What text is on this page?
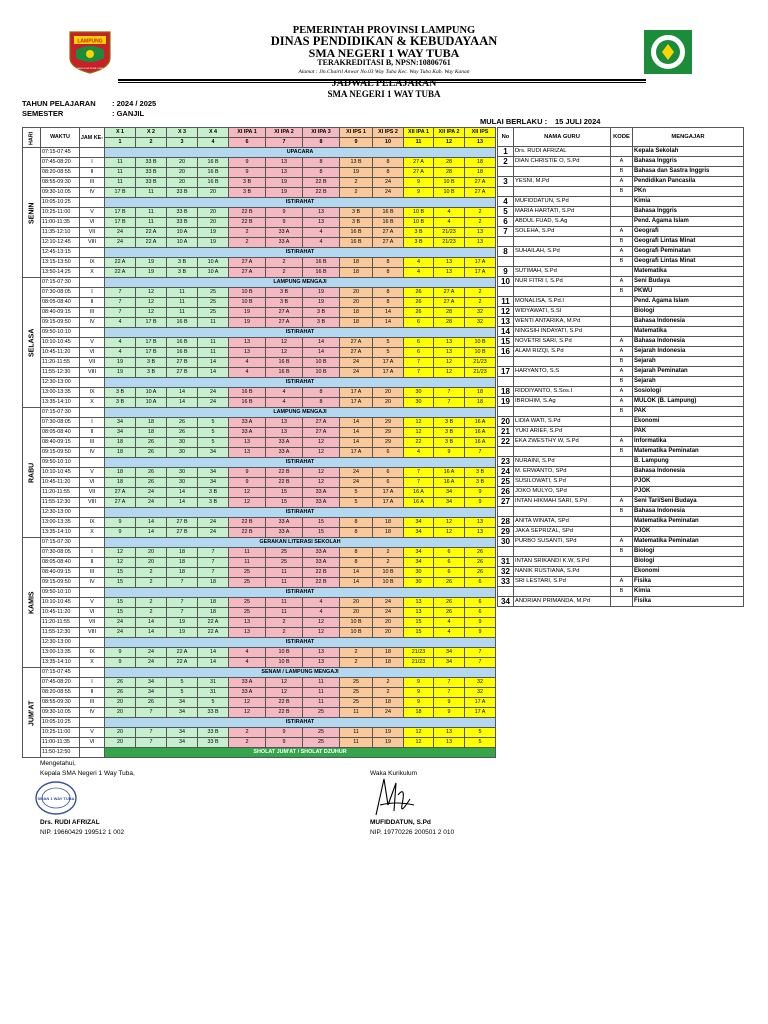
LAMPUNG
SANG BUMI RUWA JURAI
PEMERINTAH PROVINSI LAMPUNG
DINAS PENDIDIKAN & KEBUDAYAAN
SMA NEGERI 1 WAY TUBA
TERAKREDITASI B, NPSN:10806761
Alamat : Jln.Chairil Anwar No.03 Way Tuba Kec. Way Tuba Kab. Way Kanan
JADWAL PELAJARAN
SMA NEGERI 1 WAY TUBA
MULAI BERLAKU : 15 JULI 2024
TAHUN PELAJARAN : 2024 / 2025
SEMESTER	: GANJIL
HARI	WAKTU	JAM KE-	X 1	X 2	X 3	X 4	XI IPA 1	XI IPA 2	XI IPA 3	XI IPS 1	XI IPS 2	XII IPA 1	XII IPA 2	XII IPS
			1	2	3	4	6	7	8	9	10	11	12	13
SENIN	07:15-07:45		UPACARA											
	07:45-08:20	I	11	33 B	20	16 B	9	13	8	13 B	8	27 A	28	18
	08:20-08:55	II	11	33 B	20	16 B	9	13	8	19	8	27 A	28	18
	08:55-09:30	III	11	33 B	20	16 B	3 B	19	22 B	2	24	9	10 B	27 A
	09:30-10:05	IV	17 B	11	33 B	20	3 B	19	22 B	2	24	9	10 B	27 A
	10:05-10:25		ISTIRAHAT											
	10:25-11:00	V	17 B	11	33 B	20	22 B	9	13	3 B	16 B	10 B	4	2
	11:00-11:35	VI	17 B	11	33 B	20	22 B	9	13	3 B	16 B	10 B	4	2
	11:35-12:10	VII	24	22 A	10 A	19	2	33 A	4	16 B	27 A	3 B	21/23	13
	12:10-12:45	VIII	24	22 A	10 A	19	2	33 A	4	16 B	27 A	3 B	21/23	13
	12:45-13:15		ISTIRAHAT											
	13:15-13:50	IX	22 A	19	3 B	10 A	27 A	2	16 B	18	8	4	13	17 A
	13:50-14:25	X	22 A	19	3 B	10 A	27 A	2	16 B	18	8	4	13	17 A
SELASA	07:15-07:30		LAMPUNG MENGAJI											
	07:30-08:05	I	7	12	11	25	10 B	3 B	19	20	8	26	27 A	2
	08:05-08:40	II	7	12	11	25	10 B	3 B	19	20	8	26	27 A	2
	08:40-09:15	III	7	12	11	25	19	27 A	3 B	18	14	26	28	32
	09:15-09:50	IV	4	17 B	16 B	11	19	27 A	3 B	18	14	6	28	32
	09:50-10:10		ISTIRAHAT											
	10:10-10:45	V	4	17 B	16 B	11	13	12	14	27 A	5	6	13	10 B
	10:45-11:20	VI	4	17 B	16 B	11	13	12	14	27 A	5	6	13	10 B
	11:20-11:55	VII	19	3 B	27 B	14	4	16 B	10 B	24	17 A	7	12	21/23
	11:55-12:30	VIII	19	3 B	27 B	14	4	16 B	10 B	24	17 A	7	12	21/23
	12:30-13:00		ISTIRAHAT											
	13:00-13:35	IX	3 B	10 A	14	24	16 B	4	8	17 A	20	30	7	18
	13:35-14:10	X	3 B	10 A	14	24	16 B	4	8	17 A	20	30	7	18
RABU	07:15-07:30		LAMPUNG MENGAJI											
	07:30-08:05	I	34	18	26	5	33 A	13	27 A	14	29	12	3 B	16 A
	08:05-08:40	II	34	18	26	5	33 A	13	27 A	14	29	12	3 B	16 A
	08:40-09:15	III	18	26	30	5	13	33 A	12	14	29	22	3 B	16 A
	09:15-09:50	IV	18	26	30	34	13	33 A	12	17 A	6	4	9	7
	09:50-10:10		ISTIRAHAT											
	10:10-10:45	V	18	26	30	34	9	22 B	12	24	6	7	16 A	3 B
	10:45-11:20	VI	18	26	30	34	9	22 B	12	24	6	7	16 A	3 B
	11:20-11:55	VII	27 A	24	14	3 B	12	15	33 A	5	17 A	16 A	34	9
	11:55-12:30	VIII	27 A	24	14	3 B	12	15	33 A	5	17 A	16 A	34	9
	12:30-13:00		ISTIRAHAT											
	13:00-13:35	IX	9	14	27 B	24	22 B	33 A	15	8	18	34	12	13
	13:35-14:10	X	9	14	27 B	24	22 B	33 A	15	8	18	34	12	13
KAMIS	07:15-07:30		GERAKAN LITERASI SEKOLAH											
	07:30-08:05	I	12	20	18	7	11	25	33 A	8	2	34	6	26
	08:05-08:40	II	12	20	18	7	11	25	33 A	8	2	34	6	26
	08:40-09:15	III	15	2	18	7	25	11	22 B	14	10 B	30	6	26
	09:15-09:50	IV	15	2	7	18	25	11	22 B	14	10 B	30	26	6
	09:50-10:10		ISTIRAHAT											
	10:10-10:45	V	15	2	7	18	25	11	4	20	24	13	26	6
	10:45-11:20	VI	15	2	7	18	25	11	4	20	24	13	26	6
	11:20-11:55	VII	24	14	19	22 A	13	2	12	10 B	20	15	4	9
	11:55-12:30	VIII	24	14	19	22 A	13	2	12	10 B	20	15	4	9
	12:30-13:00		ISTIRAHAT											
	13:00-13:35	IX	9	24	22 A	14	4	10 B	13	2	18	21/23	34	7
	13:35-14:10	X	9	24	22 A	14	4	10 B	13	2	18	21/23	34	7
JUM'AT	07:15-07:45		SENAM / LAMPUNG MENGAJI											
	07:45-08:20	I	26	34	5	31	33 A	12	11	25	2	9	7	32
	08:20-08:55	II	26	34	5	31	33 A	12	11	25	2	9	7	32
	08:55-09:30	III	20	26	34	5	12	22 B	11	25	18	9	9	17 A
	09:30-10:05	IV	20	7	34	33 B	12	22 B	25	11	24	18	9	17 A
	10:05-10:25		ISTIRAHAT											
	10:25-11:00	V	20	7	34	33 B	2	9	25	11	19	12	13	5
	11:00-11:35	VI	20	7	34	33 B	2	9	25	11	19	12	13	5
	11:50-12:50		SHOLAT JUM'AT / SHOLAT DZUHUR											
No	NAMA GURU	KODE	MENGAJAR
1	Drs. RUDI AFRIZAL		Kepala Sekolah
2	DIAN CHRISTIE O, S.Pd	A	Bahasa Inggris
		B	Bahasa dan Sastra Inggris
3	YESNI, M.Pd	A	Pendidikan Pancasila
		B	PKn
4	MUFIDDATUN, S.Pd		Kimia
5	MARIA HARTATI, S.Pd		Bahasa Inggris
6	ABDUL FUAD, S.Ag		Pend. Agama Islam
7	SOLEHA, S.Pd	A	Geografi
		B	Geografi Lintas Minat
8	SUHAILAH, S.Pd	A	Geografi Peminatan
		B	Geografi Lintas Minat
9	SUTIMAH, S.Pd		Matematika
10	NUR FITRI I, S.Pd	A	Seni Budaya
		B	PKWU
11	MONALISA, S.Pd.I		Pend. Agama Islam
12	WIDYAWATI, S.SI		Biologi
13	WENTI ANTARIKA, M.Pd		Bahasa Indonesia
14	NINGSIH INDAYATI, S.Pd		Matematika
15	NOVETRI SARI, S.Pd	A	Bahasa Indonesia
16	ALAM RIZQI, S.Pd	A	Sejarah Indonesia
		B	Sejarah
17	HARYANTO, S.S	A	Sejarah Peminatan
		B	Sejarah
18	RIDDIYANTO, S.Sos.I	A	Sosiologi
19	IBROHIM, S.Ag	A	MULOK (B. Lampung)
		B	PAK
20	LIDIA WATI, S.Pd		Ekonomi
21	YUKI ARIEF, S.Pd		PAK
22	EKA ZWESTHY W, S.Pd	A	Informatika
		B	Matematika Peminatan
23	NURAINI, S.Pd		B. Lampung
24	M. ERWANTO, SPd		Bahasa Indonesia
25	SUSILOWATI, S.Pd		PJOK
26	JOKO MULYO, SPd		PJOK
27	INTAN HIKMAH SARI, S.Pd	A	Seni Tari/Seni Budaya
		B	Bahasa Indonesia
28	ANITA WINATA, SPd		Matematika Peminatan
29	JAKA SEPRIZAL, SPd		PJOK
30	PURBO SUSANTI, SPd	A	Matematika Peminatan
		B	Biologi
31	INTAN SRIKANDI K.W, S.Pd		Biologi
32	NANIK RUSTIANA, S.Pd		Ekonomi
33	SRI LESTARI, S.Pd	A	Fisika
		B	Kimia
34	ANDRIAN PRIMANDA, M.Pd		Fisika
Mengetahui,
Kepala SMA Negeri 1 Way Tuba,
SMAN 1 WAY TUBA
Drs. RUDI AFRIZAL
NIP. 19660429 199512 1 002
Waka Kurikulum
MUFIDDATUN, S.Pd
NIP. 19770226 200501 2 010
